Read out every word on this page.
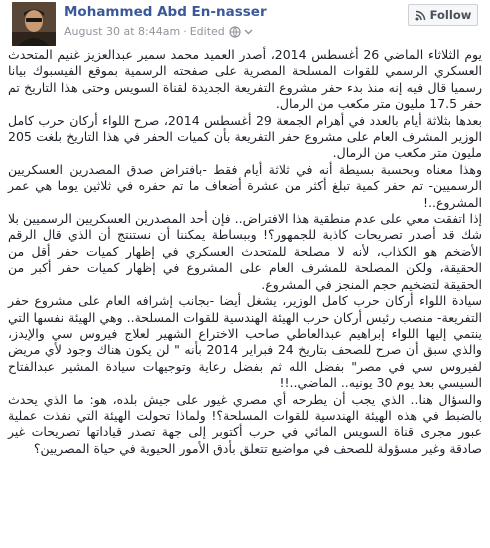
Mohammed Abd En-nasser
August 30 at 8:44am · Edited
Follow

يوم الثلاثاء الماضي 26 أغسطس 2014، أصدر العميد محمد سمير عبدالعزيز غنيم المتحدث العسكري الرسمي للقوات المسلحة المصرية على صفحته الرسمية بموقع الفيسبوك بيانا رسميا قال فيه إنه منذ بدء حفر مشروع التفريعة الجديدة لقناة السويس وحتى هذا التاريخ تم حفر 17.5 مليون متر مكعب من الرمال.

بعدها بثلاثة أيام بالعدد في أهرام الجمعة 29 أغسطس 2014، صرح اللواء أركان حرب كامل الوزير المشرف العام على مشروع حفر التفريعة بأن كميات الحفر في هذا التاريخ بلغت 205 مليون متر مكعب من الرمال.

وهذا معناه وبحسبة بسيطة أنه في ثلاثة أيام فقط -بافتراض صدق المصدرين العسكريين الرسميين- تم حفر كمية تبلغ أكثر من عشرة أضعاف ما تم حفره في ثلاثين يوما هي عمر المشروع..!

إذا اتفقت معي على عدم منطقية هذا الافتراض.. فإن أحد المصدرين العسكريين الرسميين بلا شك قد أصدر تصريحات كاذبة للجمهور؟! وببساطة يمكننا أن نستنتج أن الذي قال الرقم الأضخم هو الكذاب، لأنه لا مصلحة للمتحدث العسكري في إظهار كميات حفر أقل من الحقيقة، ولكن المصلحة للمشرف العام على المشروع في إظهار كميات حفر أكبر من الحقيقة لتضخيم حجم المنجز في المشروع.

سيادة اللواء أركان حرب كامل الوزير، يشغل أيضا -بجانب إشرافه العام على مشروع حفر التفريعة- منصب رئيس أركان حرب الهيئة الهندسية للقوات المسلحة.. وهي الهيئة نفسها التي ينتمي إليها اللواء إبراهيم عبدالعاطي صاحب الاختراع الشهير لعلاج فيروس سي والإيدز، والذي سبق أن صرح للصحف بتاريخ 24 فبراير 2014 بأنه " لن يكون هناك وجود لأي مريض لفيروس سي في مصر" بفضل الله ثم بفضل رعاية وتوجيهات سيادة المشير عبدالفتاح السيسي بعد يوم 30 يونيه.. الماضي..!!

والسؤال هنا.. الذي يجب أن يطرحه أي مصري غيور على جيش بلده، هو: ما الذي يحدث بالضبط في هذه الهيئة الهندسية للقوات المسلحة؟! ولماذا تحولت الهيئة التي نفذت عملية عبور مجرى قناة السويس المائي في حرب أكتوبر إلى جهة تصدر قياداتها تصريحات غير صادقة وغير مسؤولة للصحف في مواضيع تتعلق بأدق الأمور الحيوية في حياة المصريين؟
